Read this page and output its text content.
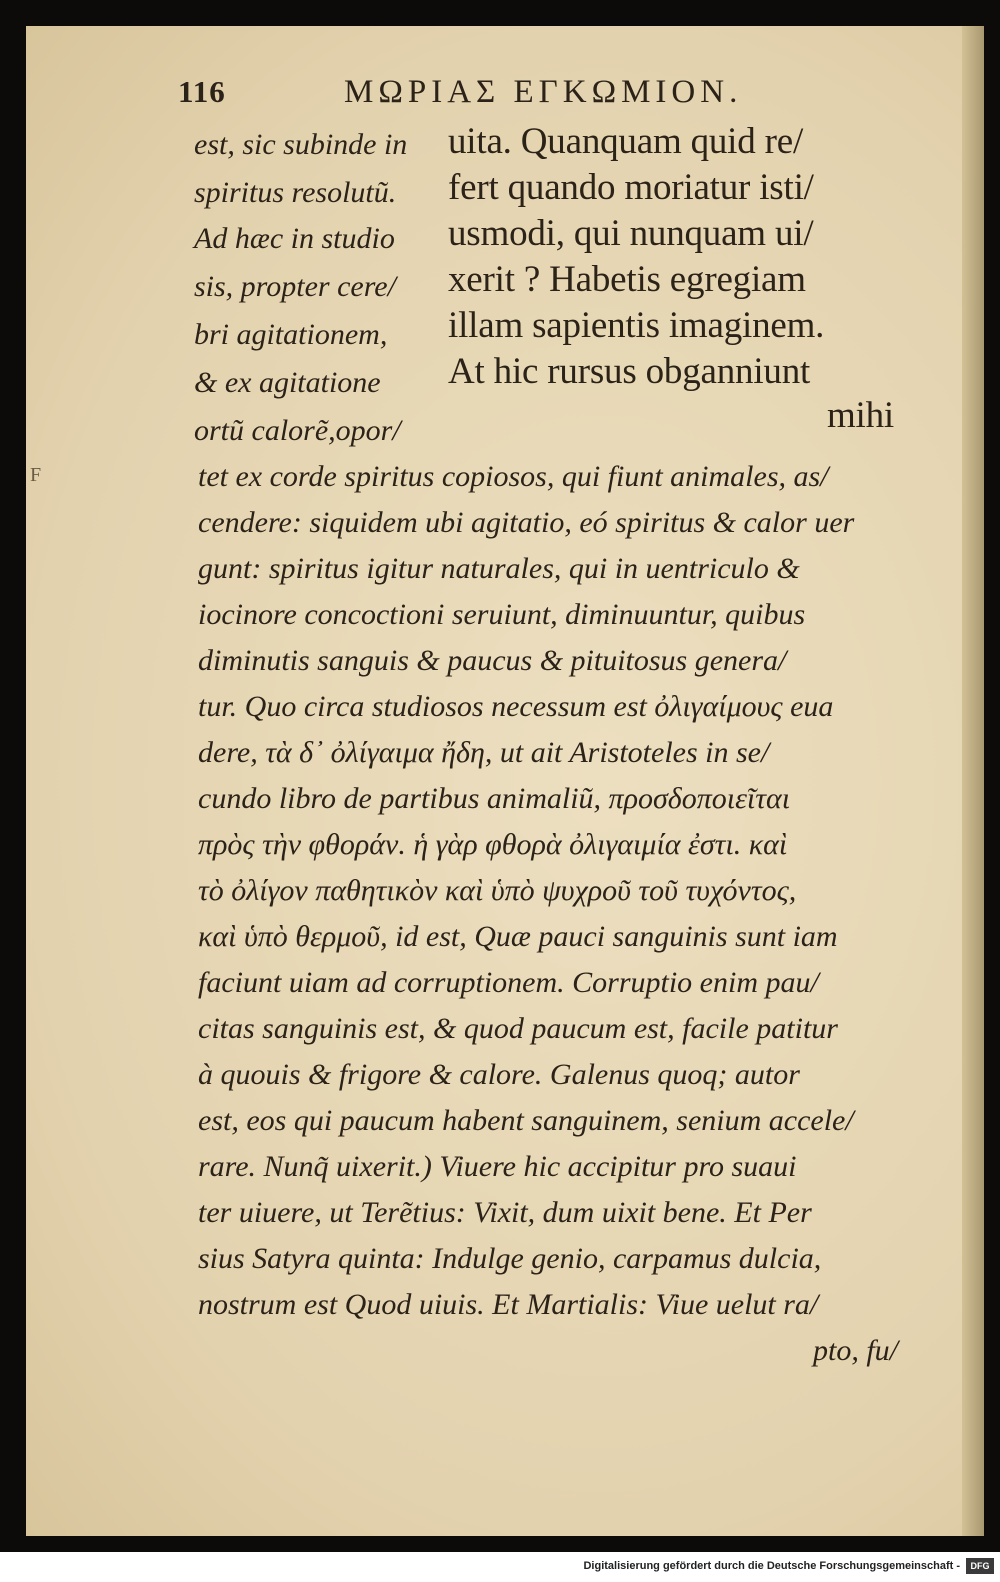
F
116	ΜΩΡΙΑΣ ΕΓΚΩΜΙΟΝ.
est, sic subinde in
spiritus resolutũ.
Ad hæc in studio
sis, propter cere/
bri agitationem,
& ex agitatione
ortũ calorẽ,opor/
uita. Quanquam quid re/
fert quando moriatur isti/
usmodi, qui nunquam ui/
xerit ? Habetis egregiam
illam sapientis imaginem.
At hic rursus obganniunt
mihi
tet ex corde spiritus copiosos, qui fiunt animales, as/
cendere: siquidem ubi agitatio, eó spiritus & calor uer
gunt: spiritus igitur naturales, qui in uentriculo &
iocinore concoctioni seruiunt, diminuuntur, quibus
diminutis sanguis & paucus & pituitosus genera/
tur. Quo circa studiosos necessum est ὀλιγαίμους eua
dere, τὰ δ᾽ ὀλίγαιμα ἤδη, ut ait Aristoteles in se/
cundo libro de partibus animaliũ, προσδοποιεῖται
πρὸς τὴν φθοράν. ἡ γὰρ φθορὰ ὀλιγαιμία ἐστι. καὶ
τὸ ὀλίγον παθητικὸν καὶ ὑπὸ ψυχροῦ τοῦ τυχόντος,
καὶ ὑπὸ θερμοῦ, id est, Quæ pauci sanguinis sunt iam
faciunt uiam ad corruptionem. Corruptio enim pau/
citas sanguinis est, & quod paucum est, facile patitur
à quouis & frigore & calore. Galenus quoq; autor
est, eos qui paucum habent sanguinem, senium accele/
rare. Nunq̃ uixerit.) Viuere hic accipitur pro suaui
ter uiuere, ut Terẽtius: Vixit, dum uixit bene. Et Per
sius Satyra quinta: Indulge genio, carpamus dulcia,
nostrum est Quod uiuis. Et Martialis: Viue uelut ra/
pto, fu/
Digitalisierung gefördert durch die Deutsche Forschungsgemeinschaft -	DFG
